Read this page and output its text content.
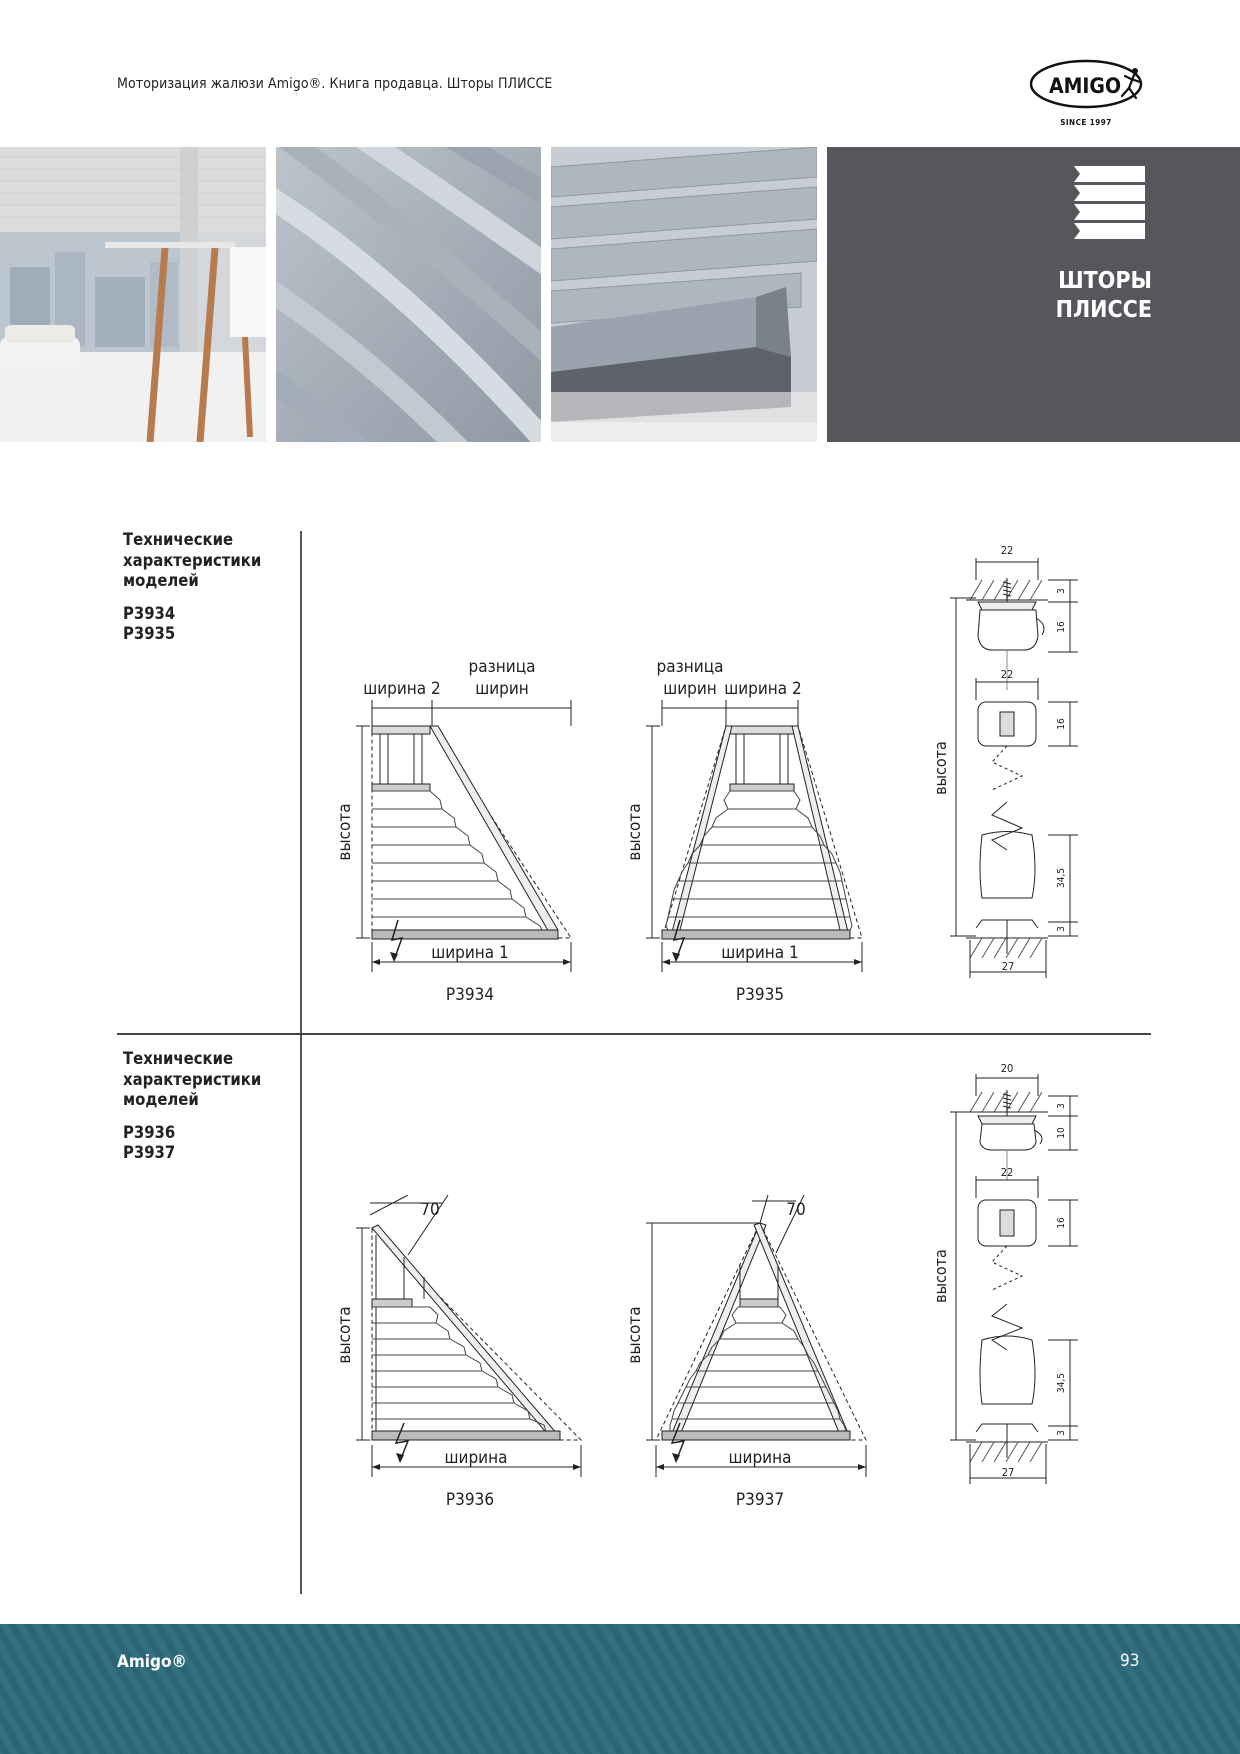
Моторизация жалюзи Amigo®. Книга продавца. Шторы ПЛИССЕ	AMIGO
SINCE 1997
ШТОРЫ
ПЛИССЕ
Технические
характеристики
моделей
P3934
P3935
Технические
характеристики
моделей
P3936
P3937
ширина 2
разница
ширин
высота
ширина 1
P3934
разница
ширин ширина 2
высота
ширина 1
P3935
22
22
27
высота
3
16
16
34,5
3
70
высота
ширина
P3936
70
высота
ширина
P3937
20
22
27
высота
3
10
16
34,5
3
Amigo®	93
